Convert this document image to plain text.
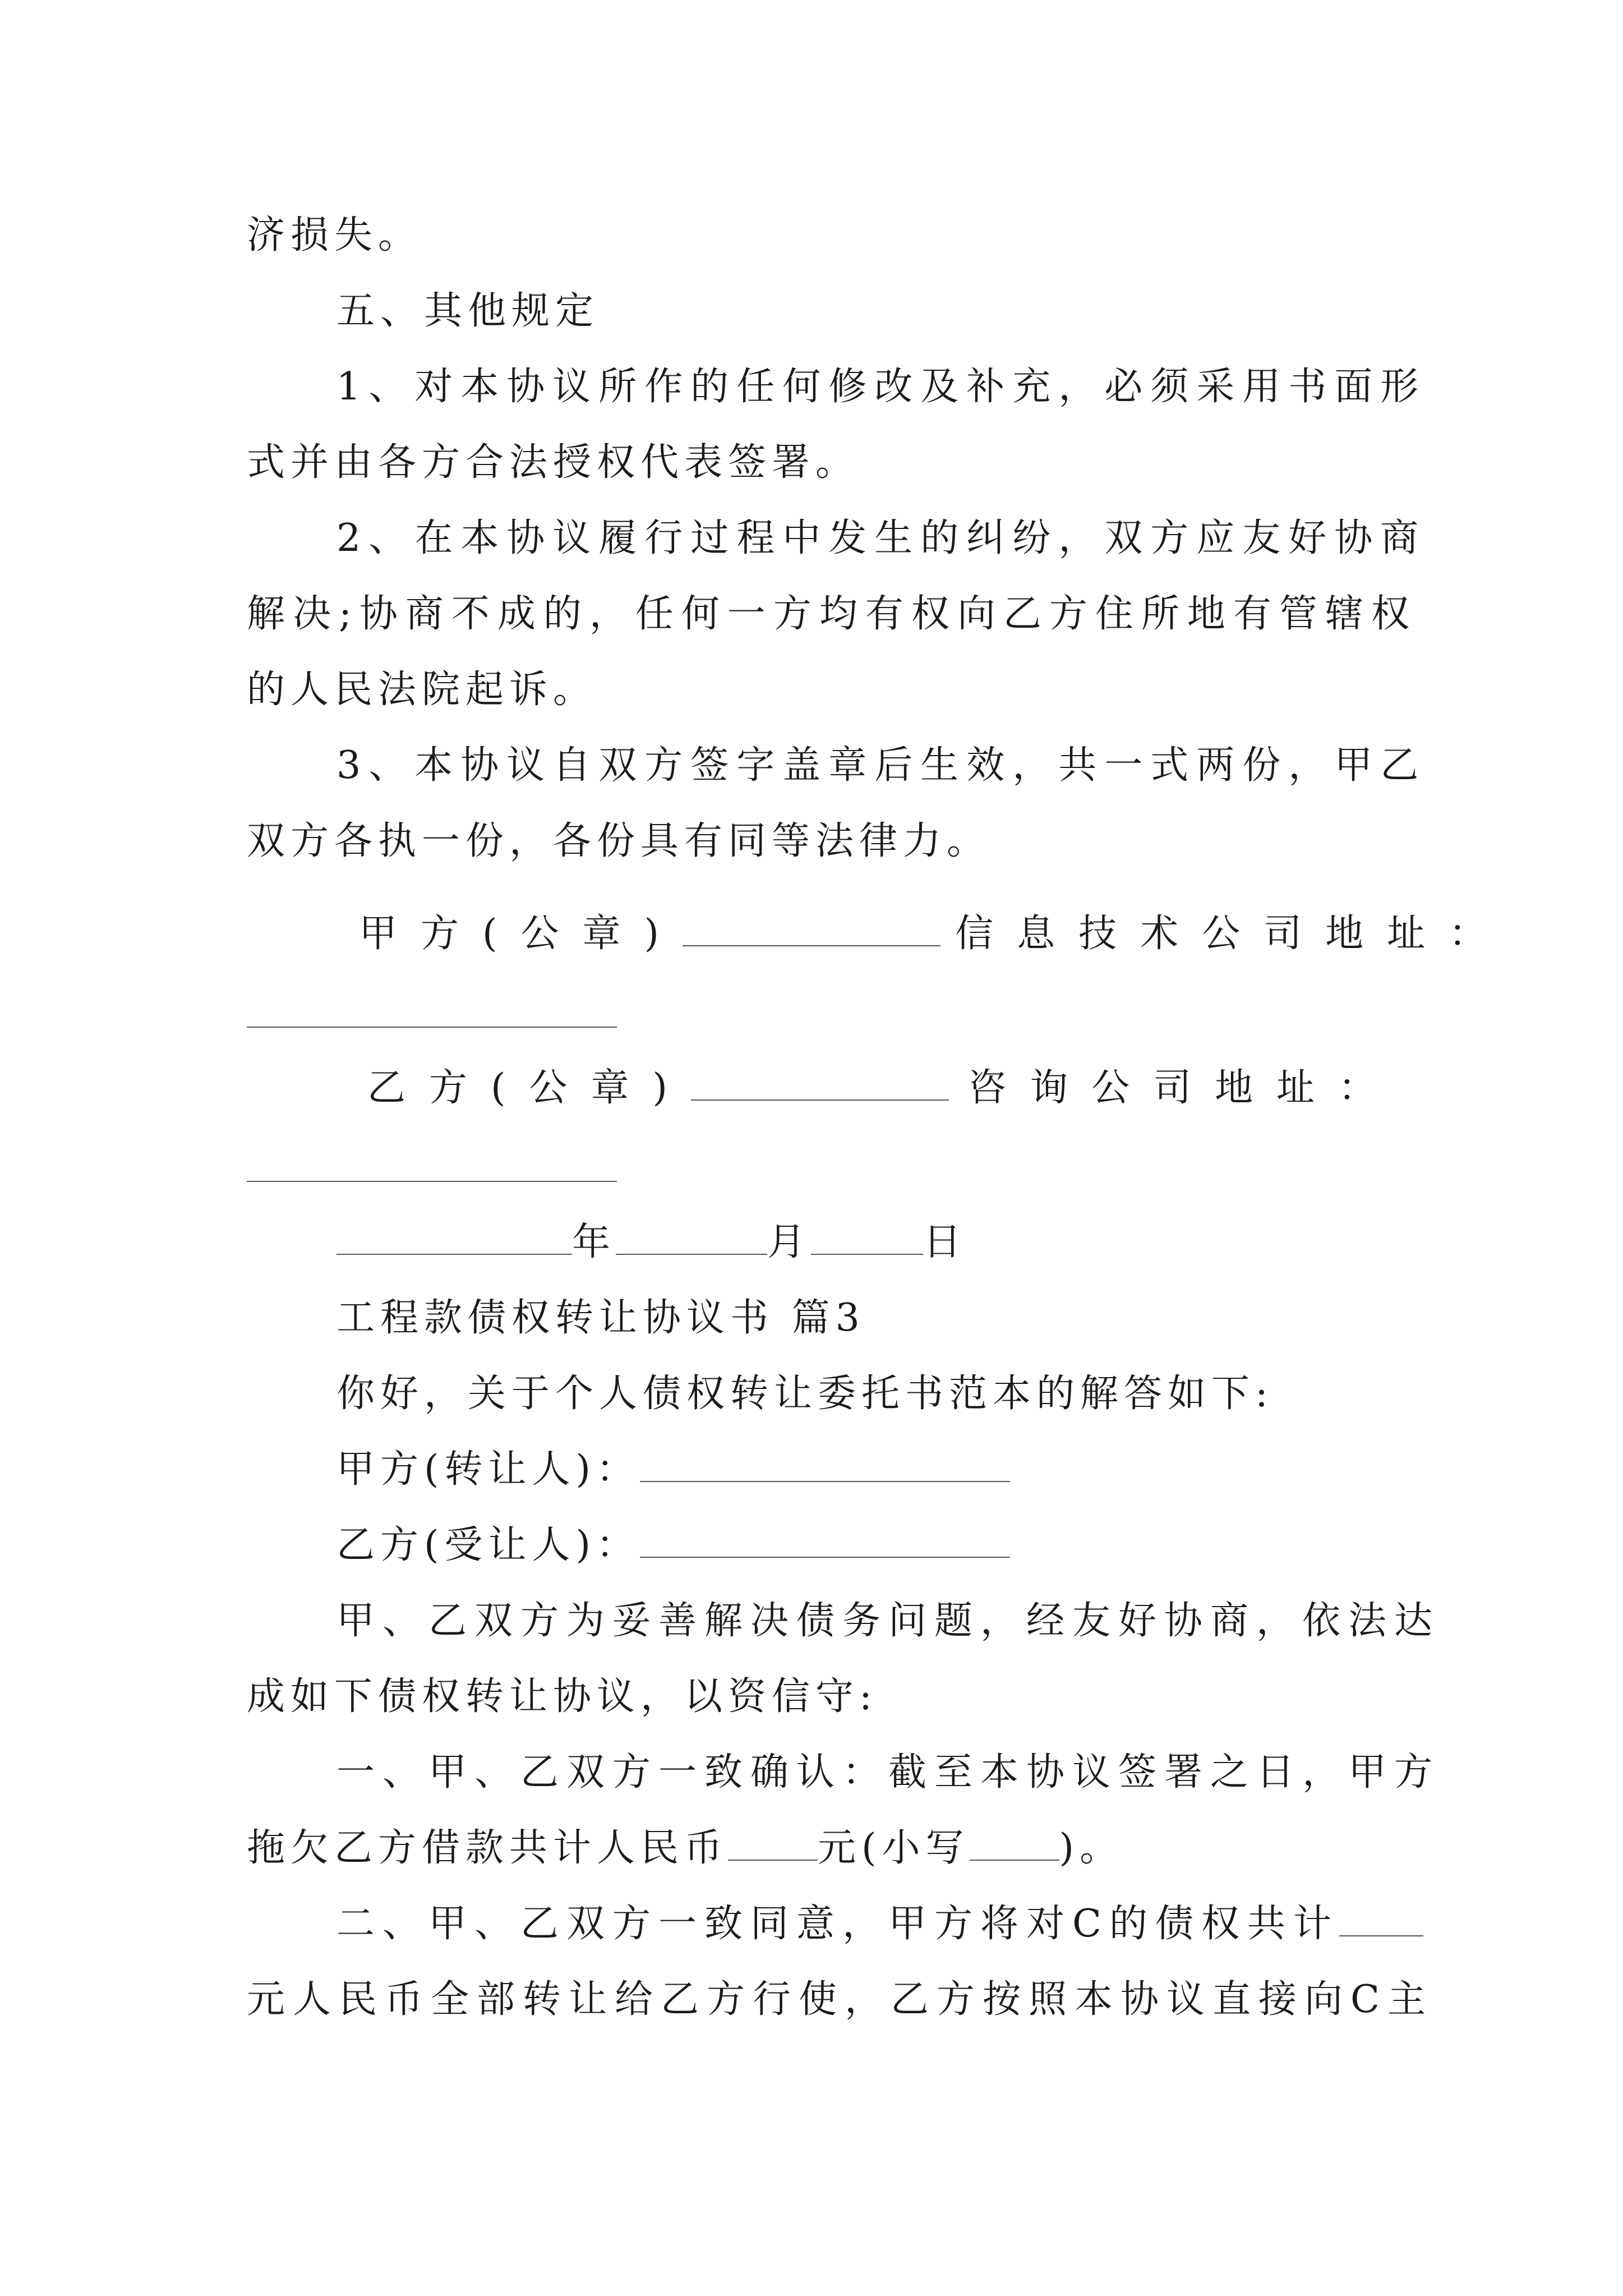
济损失。
五、其他规定
1、对本协议所作的任何修改及补充，必须采用书面形
式并由各方合法授权代表签署。
2、在本协议履行过程中发生的纠纷，双方应友好协商
解决;协商不成的，任何一方均有权向乙方住所地有管辖权
的人民法院起诉。
3、本协议自双方签字盖章后生效，共一式两份，甲乙
双方各执一份，各份具有同等法律力。
甲方(公章)	信息技术公司地址：
乙方(公章)	咨询公司地址：
年	月	日
工程款债权转让协议书 篇3
你好，关于个人债权转让委托书范本的解答如下:
甲方(转让人)：
乙方(受让人)：
甲、乙双方为妥善解决债务问题，经友好协商，依法达
成如下债权转让协议，以资信守:
一、甲、乙双方一致确认：截至本协议签署之日，甲方
拖欠乙方借款共计人民币 元(小写 )。
二、甲、乙双方一致同意，甲方将对C的债权共计
元人民币全部转让给乙方行使，乙方按照本协议直接向C主
